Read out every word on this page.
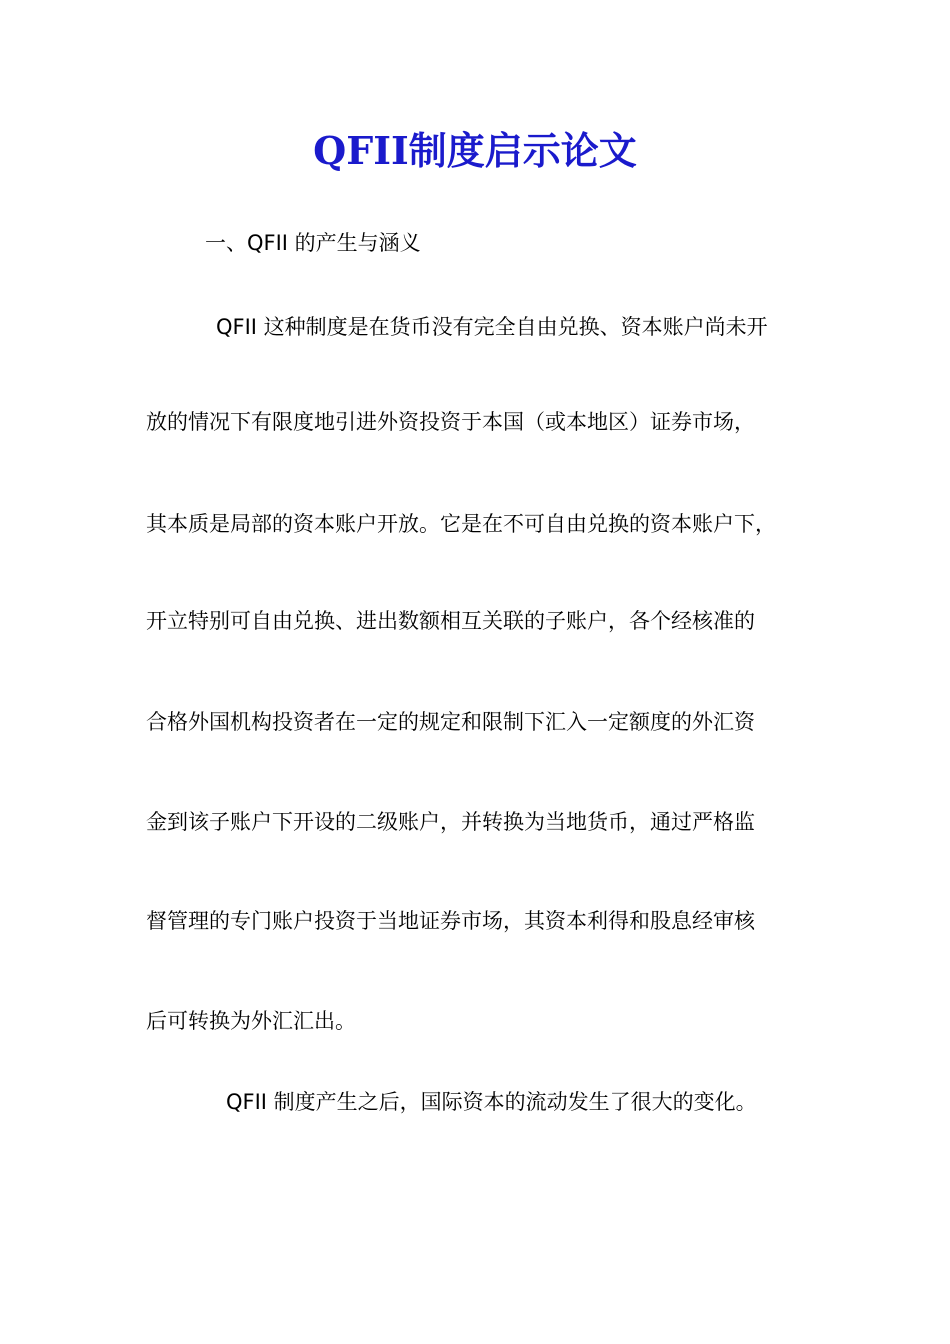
QFII制度启示论文
一、QFII 的产生与涵义
QFII 这种制度是在货币没有完全自由兑换、资本账户尚未开
放的情况下有限度地引进外资投资于本国（或本地区）证券市场，
其本质是局部的资本账户开放。它是在不可自由兑换的资本账户下，
开立特别可自由兑换、进出数额相互关联的子账户，各个经核准的
合格外国机构投资者在一定的规定和限制下汇入一定额度的外汇资
金到该子账户下开设的二级账户，并转换为当地货币，通过严格监
督管理的专门账户投资于当地证券市场，其资本利得和股息经审核
后可转换为外汇汇出。
QFII 制度产生之后，国际资本的流动发生了很大的变化。
